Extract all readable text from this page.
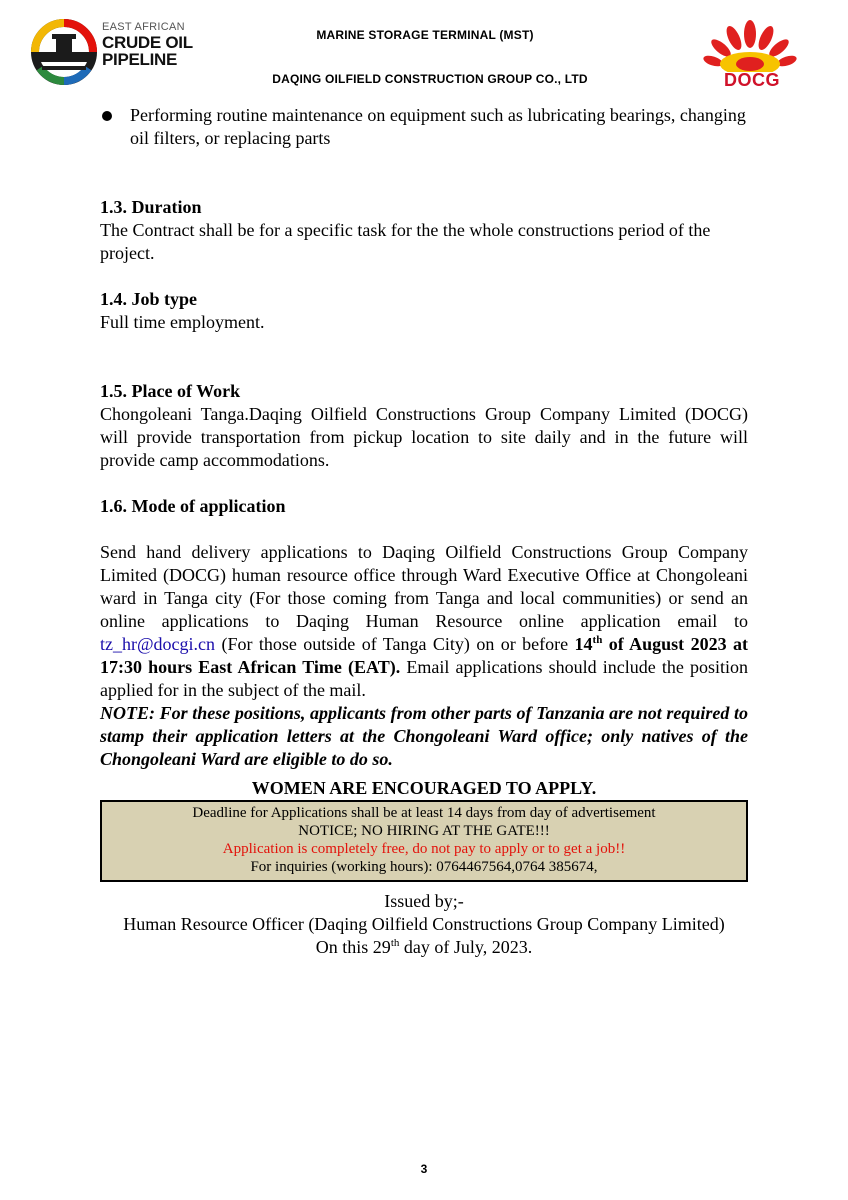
EAST AFRICAN
CRUDE OIL
PIPELINE
MARINE STORAGE TERMINAL (MST)
DAQING OILFIELD CONSTRUCTION GROUP CO., LTD	DOCG
Performing routine maintenance on equipment such as lubricating bearings, changing oil filters, or replacing parts
1.3. Duration
The Contract shall be for a specific task for the the whole constructions period of the project.
1.4. Job type
Full time employment.
1.5. Place of Work
Chongoleani Tanga.Daqing Oilfield Constructions Group Company Limited (DOCG) will provide transportation from pickup location to site daily and in the future will provide camp accommodations.
1.6. Mode of application
Send hand delivery applications to Daqing Oilfield Constructions Group Company Limited (DOCG) human resource office through Ward Executive Office at Chongoleani ward in Tanga city (For those coming from Tanga and local communities) or send an online applications to Daqing Human Resource online application email to tz_hr@docgi.cn (For those outside of Tanga City) on or before 14th of August 2023 at 17:30 hours East African Time (EAT). Email applications should include the position applied for in the subject of the mail.
NOTE: For these positions, applicants from other parts of Tanzania are not required to stamp their application letters at the Chongoleani Ward office; only natives of the Chongoleani Ward are eligible to do so.
WOMEN ARE ENCOURAGED TO APPLY.
Deadline for Applications shall be at least 14 days from day of advertisement
NOTICE; NO HIRING AT THE GATE!!!
Application is completely free, do not pay to apply or to get a job!!
For inquiries (working hours): 0764467564,0764 385674,
Issued by;-
Human Resource Officer (Daqing Oilfield Constructions Group Company Limited)
On this 29th day of July, 2023.
3
